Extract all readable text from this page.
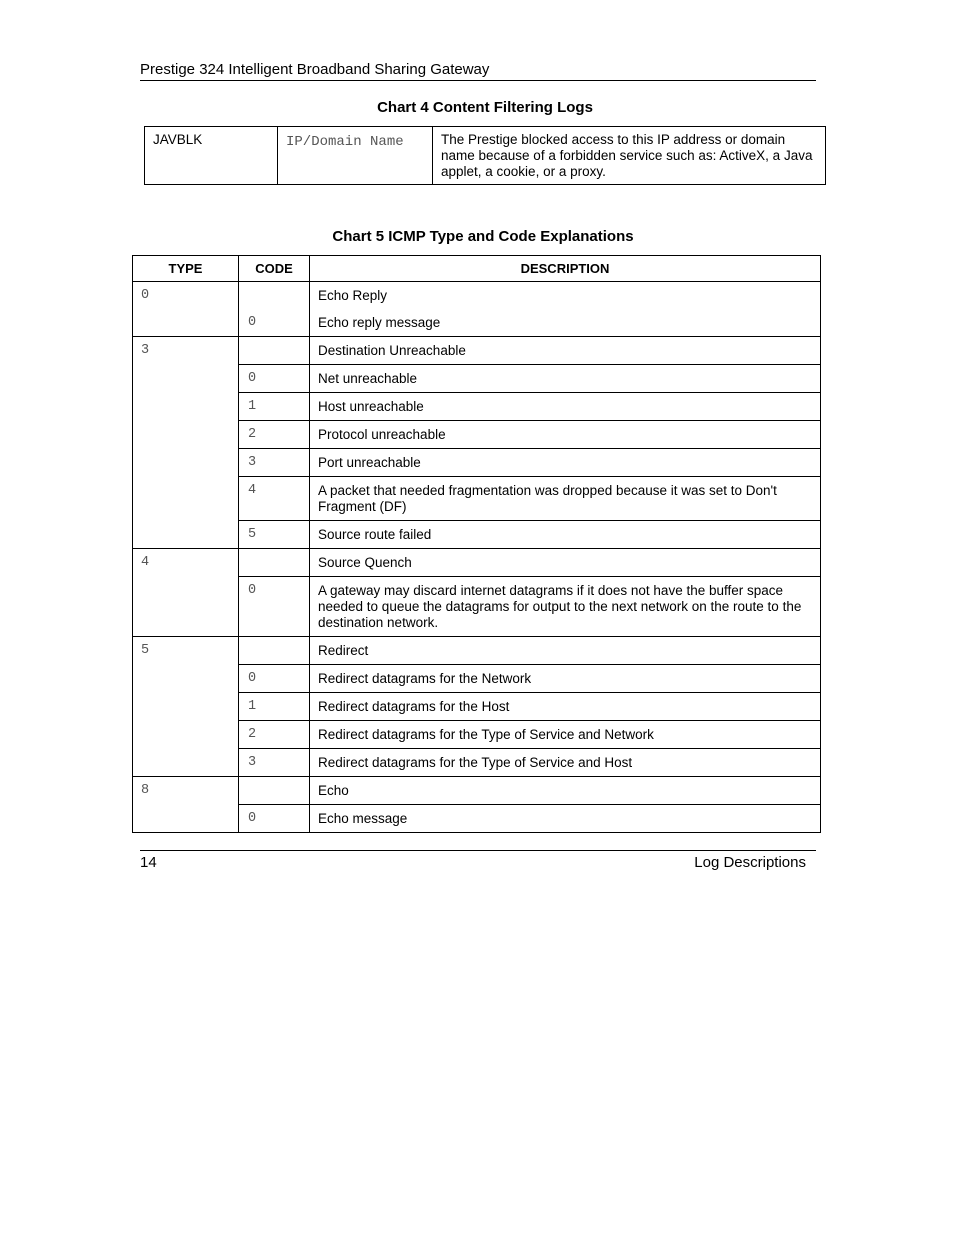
Prestige 324 Intelligent Broadband Sharing Gateway
Chart 4 Content Filtering Logs
JAVBLK	IP/Domain Name	The Prestige blocked access to this IP address or domain name because of a forbidden service such as: ActiveX, a Java applet, a cookie, or a proxy.
Chart 5 ICMP Type and Code Explanations
TYPE	CODE	DESCRIPTION
0		Echo Reply
	0	Echo reply message
3		Destination Unreachable
	0	Net unreachable
	1	Host unreachable
	2	Protocol unreachable
	3	Port unreachable
	4	A packet that needed fragmentation was dropped because it was set to Don't Fragment (DF)
	5	Source route failed
4		Source Quench
	0	A gateway may discard internet datagrams if it does not have the buffer space needed to queue the datagrams for output to the next network on the route to the destination network.
5		Redirect
	0	Redirect datagrams for the Network
	1	Redirect datagrams for the Host
	2	Redirect datagrams for the Type of Service and Network
	3	Redirect datagrams for the Type of Service and Host
8		Echo
	0	Echo message
14	Log Descriptions
